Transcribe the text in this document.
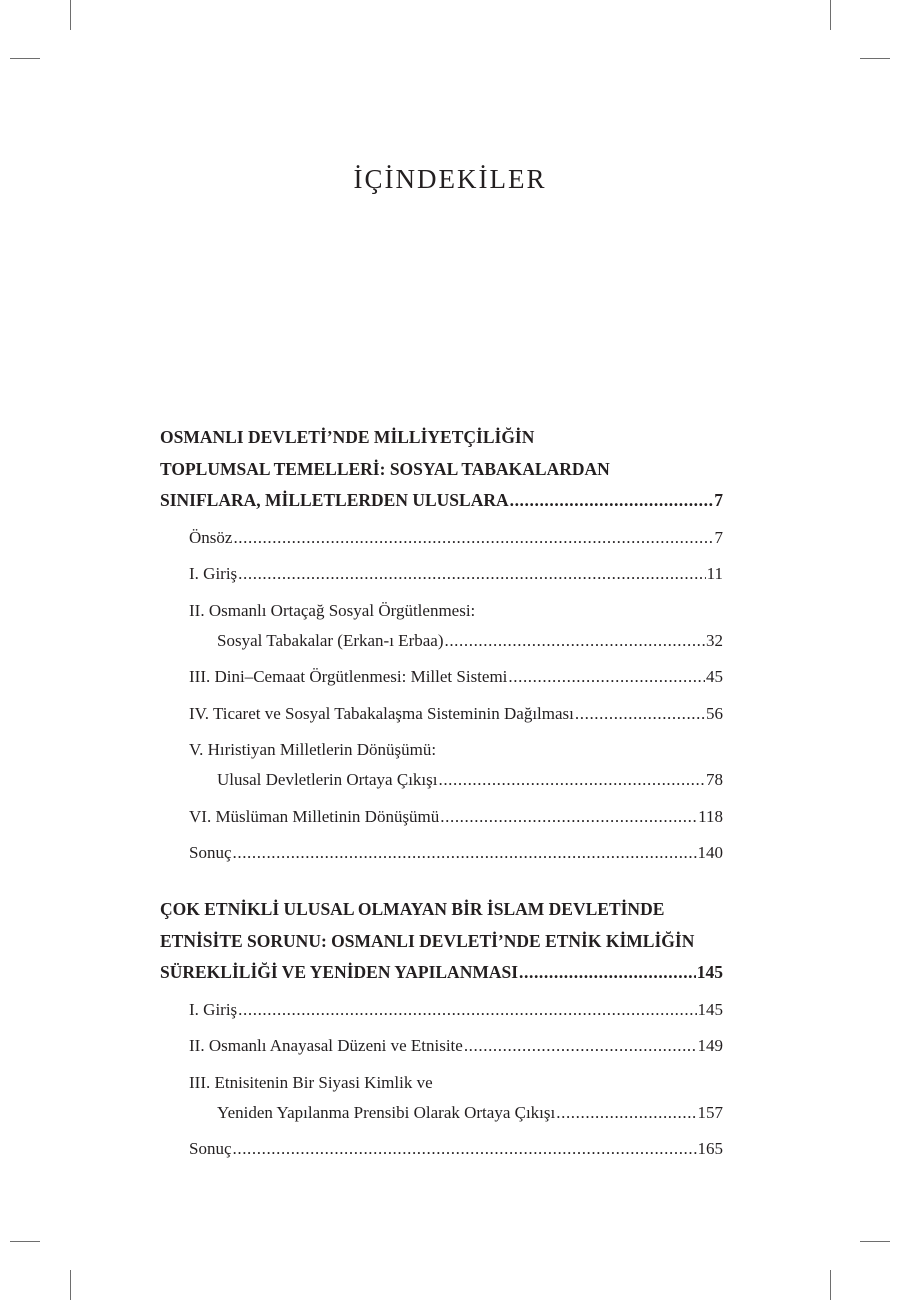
İÇİNDEKİLER
OSMANLI DEVLETİ’NDE MİLLİYETÇİLİĞİN
TOPLUMSAL TEMELLERİ: SOSYAL TABAKALARDAN
SINIFLARA, MİLLETLERDEN ULUSLARA .....	7
Önsöz .....	7
I. Giriş .....	11
II. Osmanlı Ortaçağ Sosyal Örgütlenmesi:
Sosyal Tabakalar (Erkan-ı Erbaa) .....	32
III. Dini–Cemaat Örgütlenmesi: Millet Sistemi .....	45
IV. Ticaret ve Sosyal Tabakalaşma Sisteminin Dağılması .....	56
V. Hıristiyan Milletlerin Dönüşümü:
Ulusal Devletlerin Ortaya Çıkışı .....	78
VI. Müslüman Milletinin Dönüşümü .....	118
Sonuç .....	140
ÇOK ETNİKLİ ULUSAL OLMAYAN BİR İSLAM DEVLETİNDE
ETNİSİTE SORUNU: OSMANLI DEVLETİ’NDE ETNİK KİMLİĞİN
SÜREKLİLİĞİ VE YENİDEN YAPILANMASI .....	145
I. Giriş .....	145
II. Osmanlı Anayasal Düzeni ve Etnisite .....	149
III. Etnisitenin Bir Siyasi Kimlik ve
Yeniden Yapılanma Prensibi Olarak Ortaya Çıkışı .....	157
Sonuç .....	165
